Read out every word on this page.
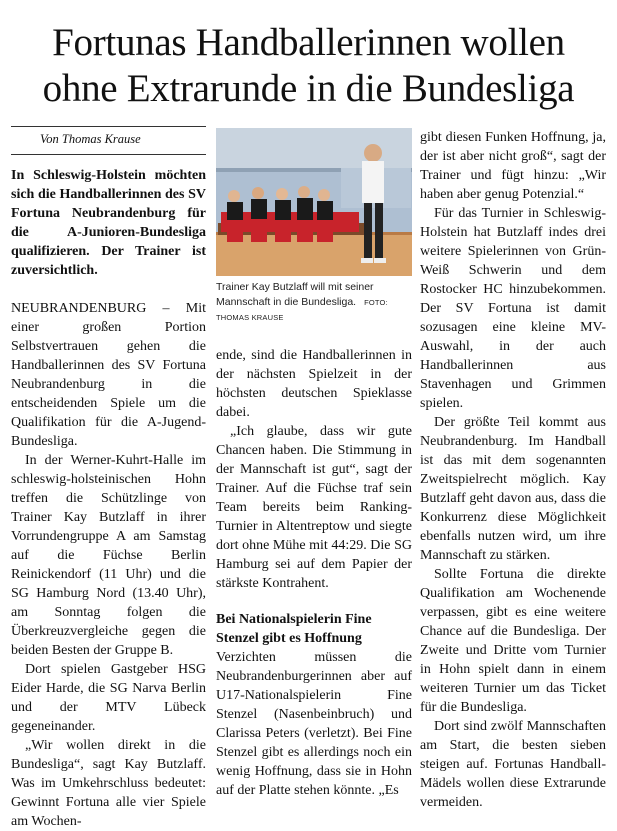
Fortunas Handballerinnen wollen
ohne Extrarunde in die Bundesliga
Von Thomas Krause
In Schleswig-Holstein möchten sich die Handballerinnen des SV Fortuna Neubrandenburg für die A-Junioren-Bundesliga qualifizieren. Der Trainer ist zuversichtlich.

NEUBRANDENBURG – Mit einer großen Portion Selbstvertrauen gehen die Handballerinnen des SV Fortuna Neubrandenburg in die entscheidenden Spiele um die Qualifikation für die A-Jugend-Bundesliga.

In der Werner-Kuhrt-Halle im schleswig-holsteinischen Hohn treffen die Schützlinge von Trainer Kay Butzlaff in ihrer Vorrundengruppe A am Samstag auf die Füchse Berlin Reinickendorf (11 Uhr) und die SG Hamburg Nord (13.40 Uhr), am Sonntag folgen die Überkreuzvergleiche gegen die beiden Besten der Gruppe B.

Dort spielen Gastgeber HSG Eider Harde, die SG Narva Berlin und der MTV Lübeck gegeneinander.

„Wir wollen direkt in die Bundesliga“, sagt Kay Butzlaff. Was im Umkehrschluss bedeutet: Gewinnt Fortuna alle vier Spiele am Wochen-

Trainer Kay Butzlaff will mit seiner Mannschaft in die Bundesliga. FOTO: THOMAS KRAUSE

ende, sind die Handballerinnen in der nächsten Spielzeit in der höchsten deutschen Spieklasse dabei.

„Ich glaube, dass wir gute Chancen haben. Die Stimmung in der Mannschaft ist gut“, sagt der Trainer. Auf die Füchse traf sein Team bereits beim Ranking-Turnier in Altentreptow und siegte dort ohne Mühe mit 44:29. Die SG Hamburg sei auf dem Papier der stärkste Kontrahent.

Bei Nationalspielerin Fine Stenzel gibt es Hoffnung

Verzichten müssen die Neubrandenburgerinnen aber auf U17-Nationalspielerin Fine Stenzel (Nasenbeinbruch) und Clarissa Peters (verletzt). Bei Fine Stenzel gibt es allerdings noch ein wenig Hoffnung, dass sie in Hohn auf der Platte stehen könnte. „Es

gibt diesen Funken Hoffnung, ja, der ist aber nicht groß“, sagt der Trainer und fügt hinzu: „Wir haben aber genug Potenzial.“

Für das Turnier in Schleswig-Holstein hat Butzlaff indes drei weitere Spielerinnen von Grün-Weiß Schwerin und dem Rostocker HC hinzubekommen. Der SV Fortuna ist damit sozusagen eine kleine MV-Auswahl, in der auch Handballerinnen aus Stavenhagen und Grimmen spielen.

Der größte Teil kommt aus Neubrandenburg. Im Handball ist das mit dem sogenannten Zweitspielrecht möglich. Kay Butzlaff geht davon aus, dass die Konkurrenz diese Möglichkeit ebenfalls nutzen wird, um ihre Mannschaft zu stärken.

Sollte Fortuna die direkte Qualifikation am Wochenende verpassen, gibt es eine weitere Chance auf die Bundesliga. Der Zweite und Dritte vom Turnier in Hohn spielt dann in einem weiteren Turnier um das Ticket für die Bundesliga.

Dort sind zwölf Mannschaften am Start, die besten sieben steigen auf. Fortunas Handball-Mädels wollen diese Extrarunde vermeiden.
